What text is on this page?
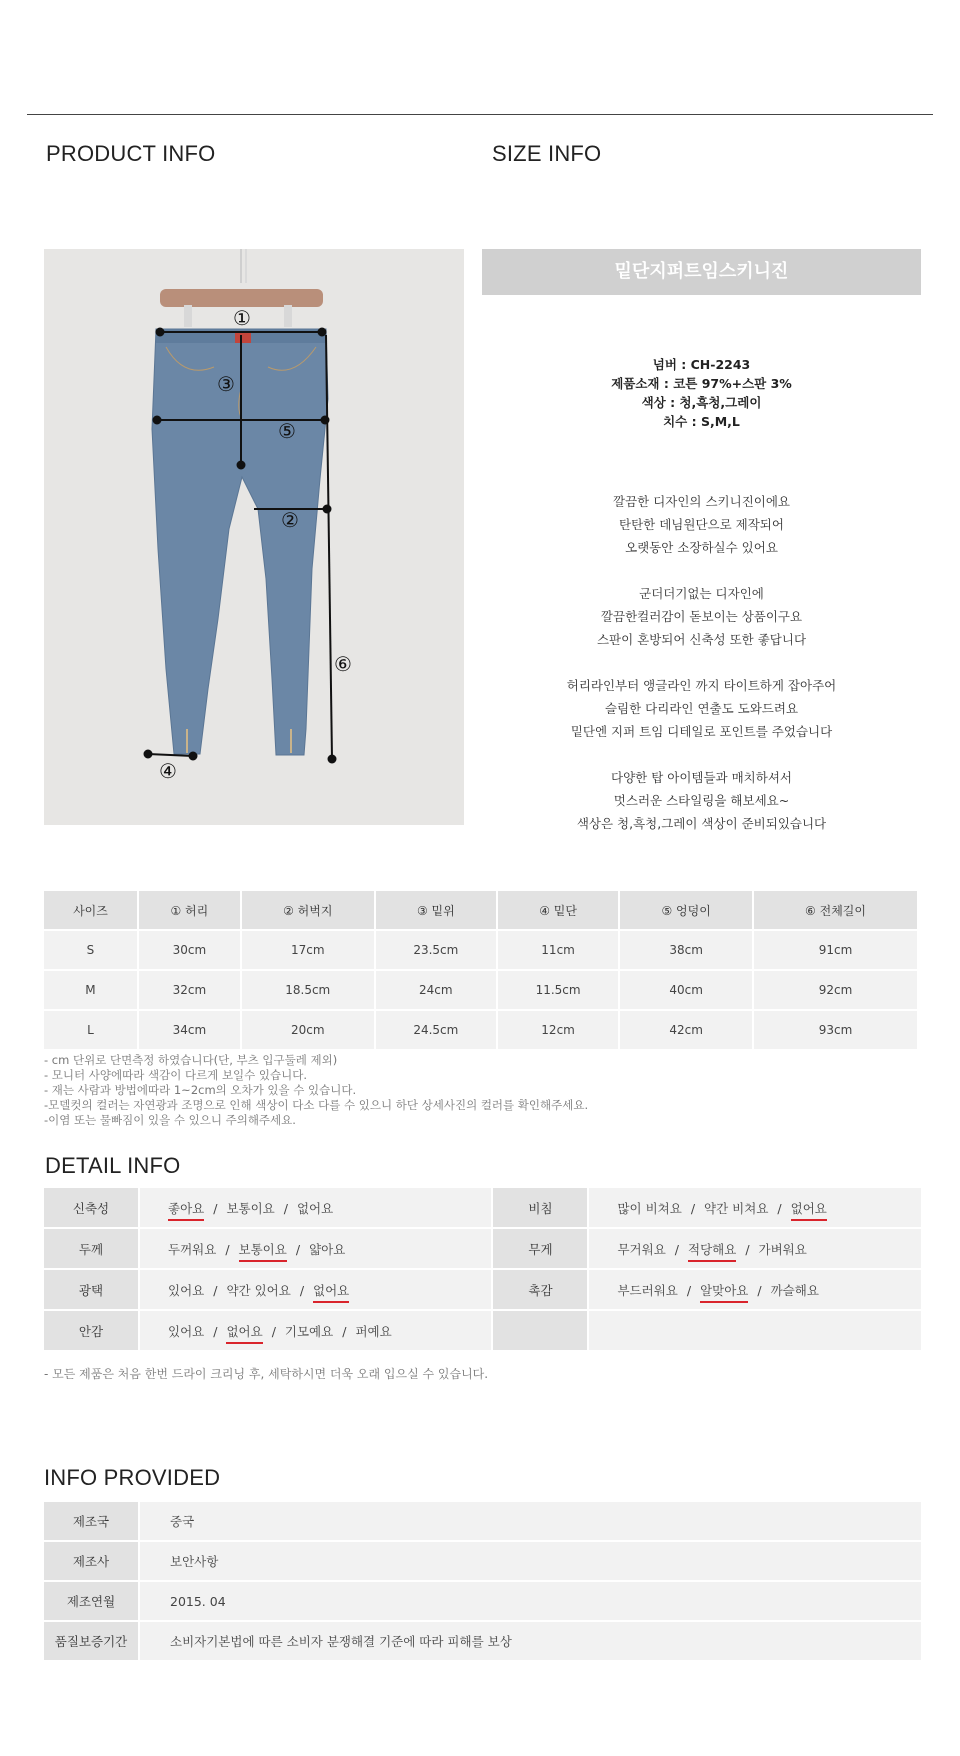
PRODUCT INFO	SIZE INFO
①
②
③
④
⑤
⑥
밑단지퍼트임스키니진
넘버 : CH-2243
제품소재 : 코튼 97%+스판 3%
색상 : 청,흑청,그레이
치수 : S,M,L

깔끔한 디자인의 스키니진이에요
탄탄한 데님원단으로 제작되어
오랫동안 소장하실수 있어요

군더더기없는 디자인에
깔끔한컬러감이 돋보이는 상품이구요
스판이 혼방되어 신축성 또한 좋답니다

허리라인부터 앵글라인 까지 타이트하게 잡아주어
슬림한 다리라인 연출도 도와드려요
밑단엔 지퍼 트임 디테일로 포인트를 주었습니다

다양한 탑 아이템들과 매치하셔서
멋스러운 스타일링을 해보세요~
색상은 청,흑청,그레이 색상이 준비되있습니다

사이즈	① 허리	② 허벅지	③ 밑위	④ 밑단	⑤ 엉덩이	⑥ 전체길이		
S	30cm	17cm	23.5cm	11cm	38cm	91cm		
M	32cm	18.5cm	24cm	11.5cm	40cm	92cm		
L	34cm	20cm	24.5cm	12cm	42cm	93cm		
- cm 단위로 단면측정 하였습니다(단, 부츠 입구둘레 제외)
- 모니터 사양에따라 색감이 다르게 보일수 있습니다.
- 재는 사람과 방법에따라 1~2cm의 오차가 있을 수 있습니다.
-모델컷의 컬러는 자연광과 조명으로 인해 색상이 다소 다를 수 있으니 하단 상세사진의 컬러를 확인해주세요.
-이염 또는 물빠짐이 있을 수 있으니 주의해주세요.
DETAIL INFO
신축성	좋아요 / 보통이요 / 없어요	비침	많이 비쳐요 / 약간 비쳐요 / 없어요
두께	두꺼워요 / 보통이요 / 얇아요	무게	무거워요 / 적당해요 / 가벼워요
광택	있어요 / 약간 있어요 / 없어요	촉감	부드러워요 / 알맞아요 / 까슬해요
안감	있어요 / 없어요 / 기모예요 / 퍼예요		
- 모든 제품은 처음 한번 드라이 크리닝 후, 세탁하시면 더욱 오래 입으실 수 있습니다.
INFO PROVIDED
제조국	중국
제조사	보안사항
제조연월	2015. 04
품질보증기간	소비자기본법에 따른 소비자 분쟁해결 기준에 따라 피해를 보상
